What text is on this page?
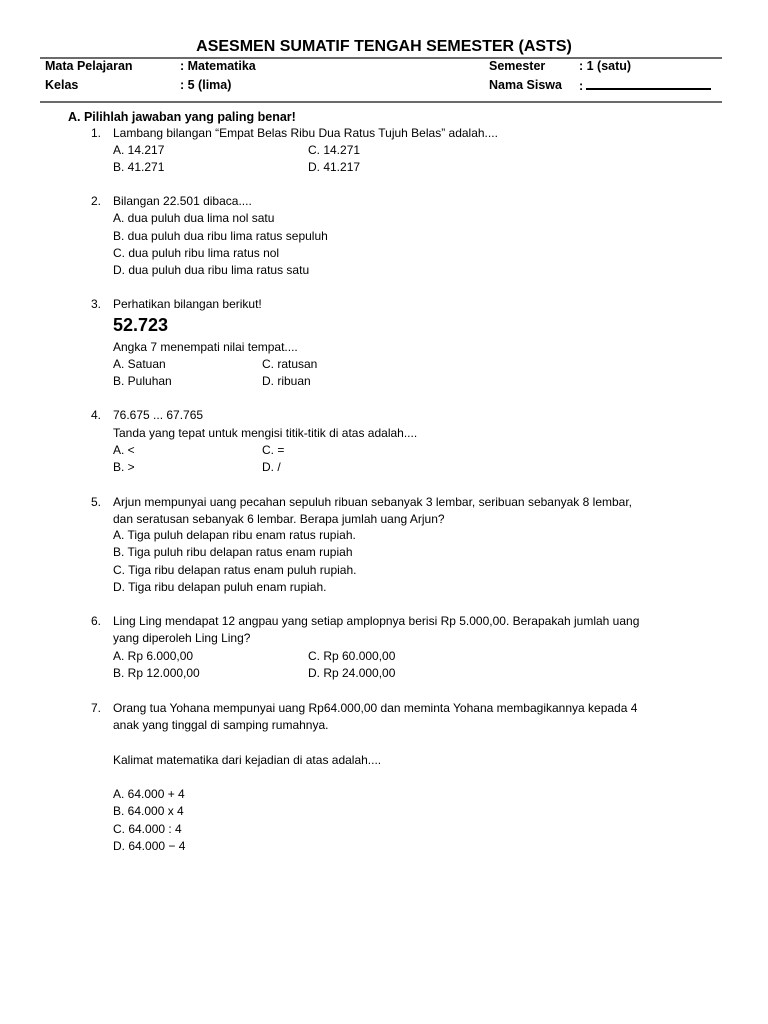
ASESMEN SUMATIF TENGAH SEMESTER (ASTS)
Mata Pelajaran	: Matematika	Semester	: 1 (satu)
Kelas	: 5 (lima)	Nama Siswa :
A. Pilihlah jawaban yang paling benar!
1. Lambang bilangan “Empat Belas Ribu Dua Ratus Tujuh Belas” adalah....
A. 14.217	C. 14.271
B. 41.271	D. 41.217
2. Bilangan 22.501 dibaca....
A. dua puluh dua lima nol satu
B. dua puluh dua ribu lima ratus sepuluh
C. dua puluh ribu lima ratus nol
D. dua puluh dua ribu lima ratus satu
3. Perhatikan bilangan berikut!
52.723
Angka 7 menempati nilai tempat....
A. Satuan	C. ratusan
B. Puluhan	D. ribuan
4. 76.675 ... 67.765
Tanda yang tepat untuk mengisi titik-titik di atas adalah....
A. <	C. =
B. >	D. /
5. Arjun mempunyai uang pecahan sepuluh ribuan sebanyak 3 lembar, seribuan sebanyak 8 lembar,
dan seratusan sebanyak 6 lembar. Berapa jumlah uang Arjun?
A. Tiga puluh delapan ribu enam ratus rupiah.
B. Tiga puluh ribu delapan ratus enam rupiah
C. Tiga ribu delapan ratus enam puluh rupiah.
D. Tiga ribu delapan puluh enam rupiah.
6. Ling Ling mendapat 12 angpau yang setiap amplopnya berisi Rp 5.000,00. Berapakah jumlah uang
yang diperoleh Ling Ling?
A. Rp 6.000,00	C. Rp 60.000,00
B. Rp 12.000,00	D. Rp 24.000,00
7. Orang tua Yohana mempunyai uang Rp64.000,00 dan meminta Yohana membagikannya kepada 4
anak yang tinggal di samping rumahnya.
Kalimat matematika dari kejadian di atas adalah....
A. 64.000 + 4
B. 64.000 x 4
C. 64.000 : 4
D. 64.000 − 4
